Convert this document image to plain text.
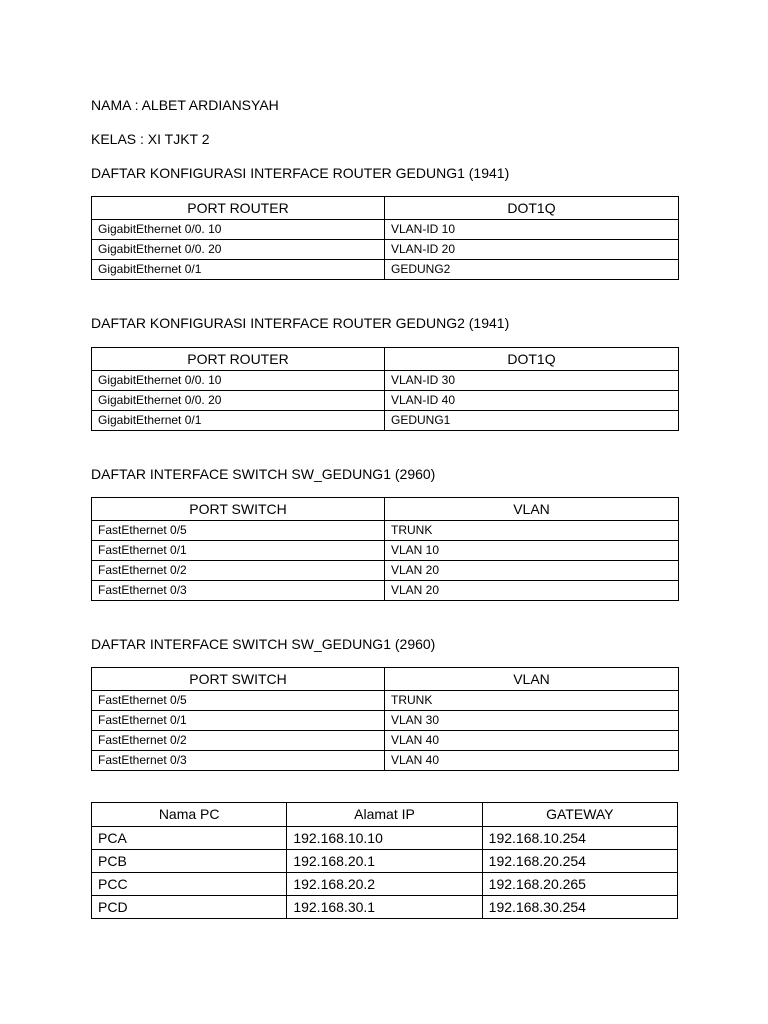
NAMA : ALBET ARDIANSYAH
KELAS : XI TJKT 2
DAFTAR KONFIGURASI INTERFACE ROUTER GEDUNG1 (1941)
PORT ROUTER	DOT1Q
GigabitEthernet 0/0. 10	VLAN-ID 10
GigabitEthernet 0/0. 20	VLAN-ID 20
GigabitEthernet 0/1	GEDUNG2
DAFTAR KONFIGURASI INTERFACE ROUTER GEDUNG2 (1941)
PORT ROUTER	DOT1Q
GigabitEthernet 0/0. 10	VLAN-ID 30
GigabitEthernet 0/0. 20	VLAN-ID 40
GigabitEthernet 0/1	GEDUNG1
DAFTAR INTERFACE SWITCH SW_GEDUNG1 (2960)
PORT SWITCH	VLAN
FastEthernet 0/5	TRUNK
FastEthernet 0/1	VLAN 10
FastEthernet 0/2	VLAN 20
FastEthernet 0/3	VLAN 20
DAFTAR INTERFACE SWITCH SW_GEDUNG1 (2960)
PORT SWITCH	VLAN
FastEthernet 0/5	TRUNK
FastEthernet 0/1	VLAN 30
FastEthernet 0/2	VLAN 40
FastEthernet 0/3	VLAN 40
Nama PC	Alamat IP	GATEWAY
PCA	192.168.10.10	192.168.10.254
PCB	192.168.20.1	192.168.20.254
PCC	192.168.20.2	192.168.20.265
PCD	192.168.30.1	192.168.30.254
